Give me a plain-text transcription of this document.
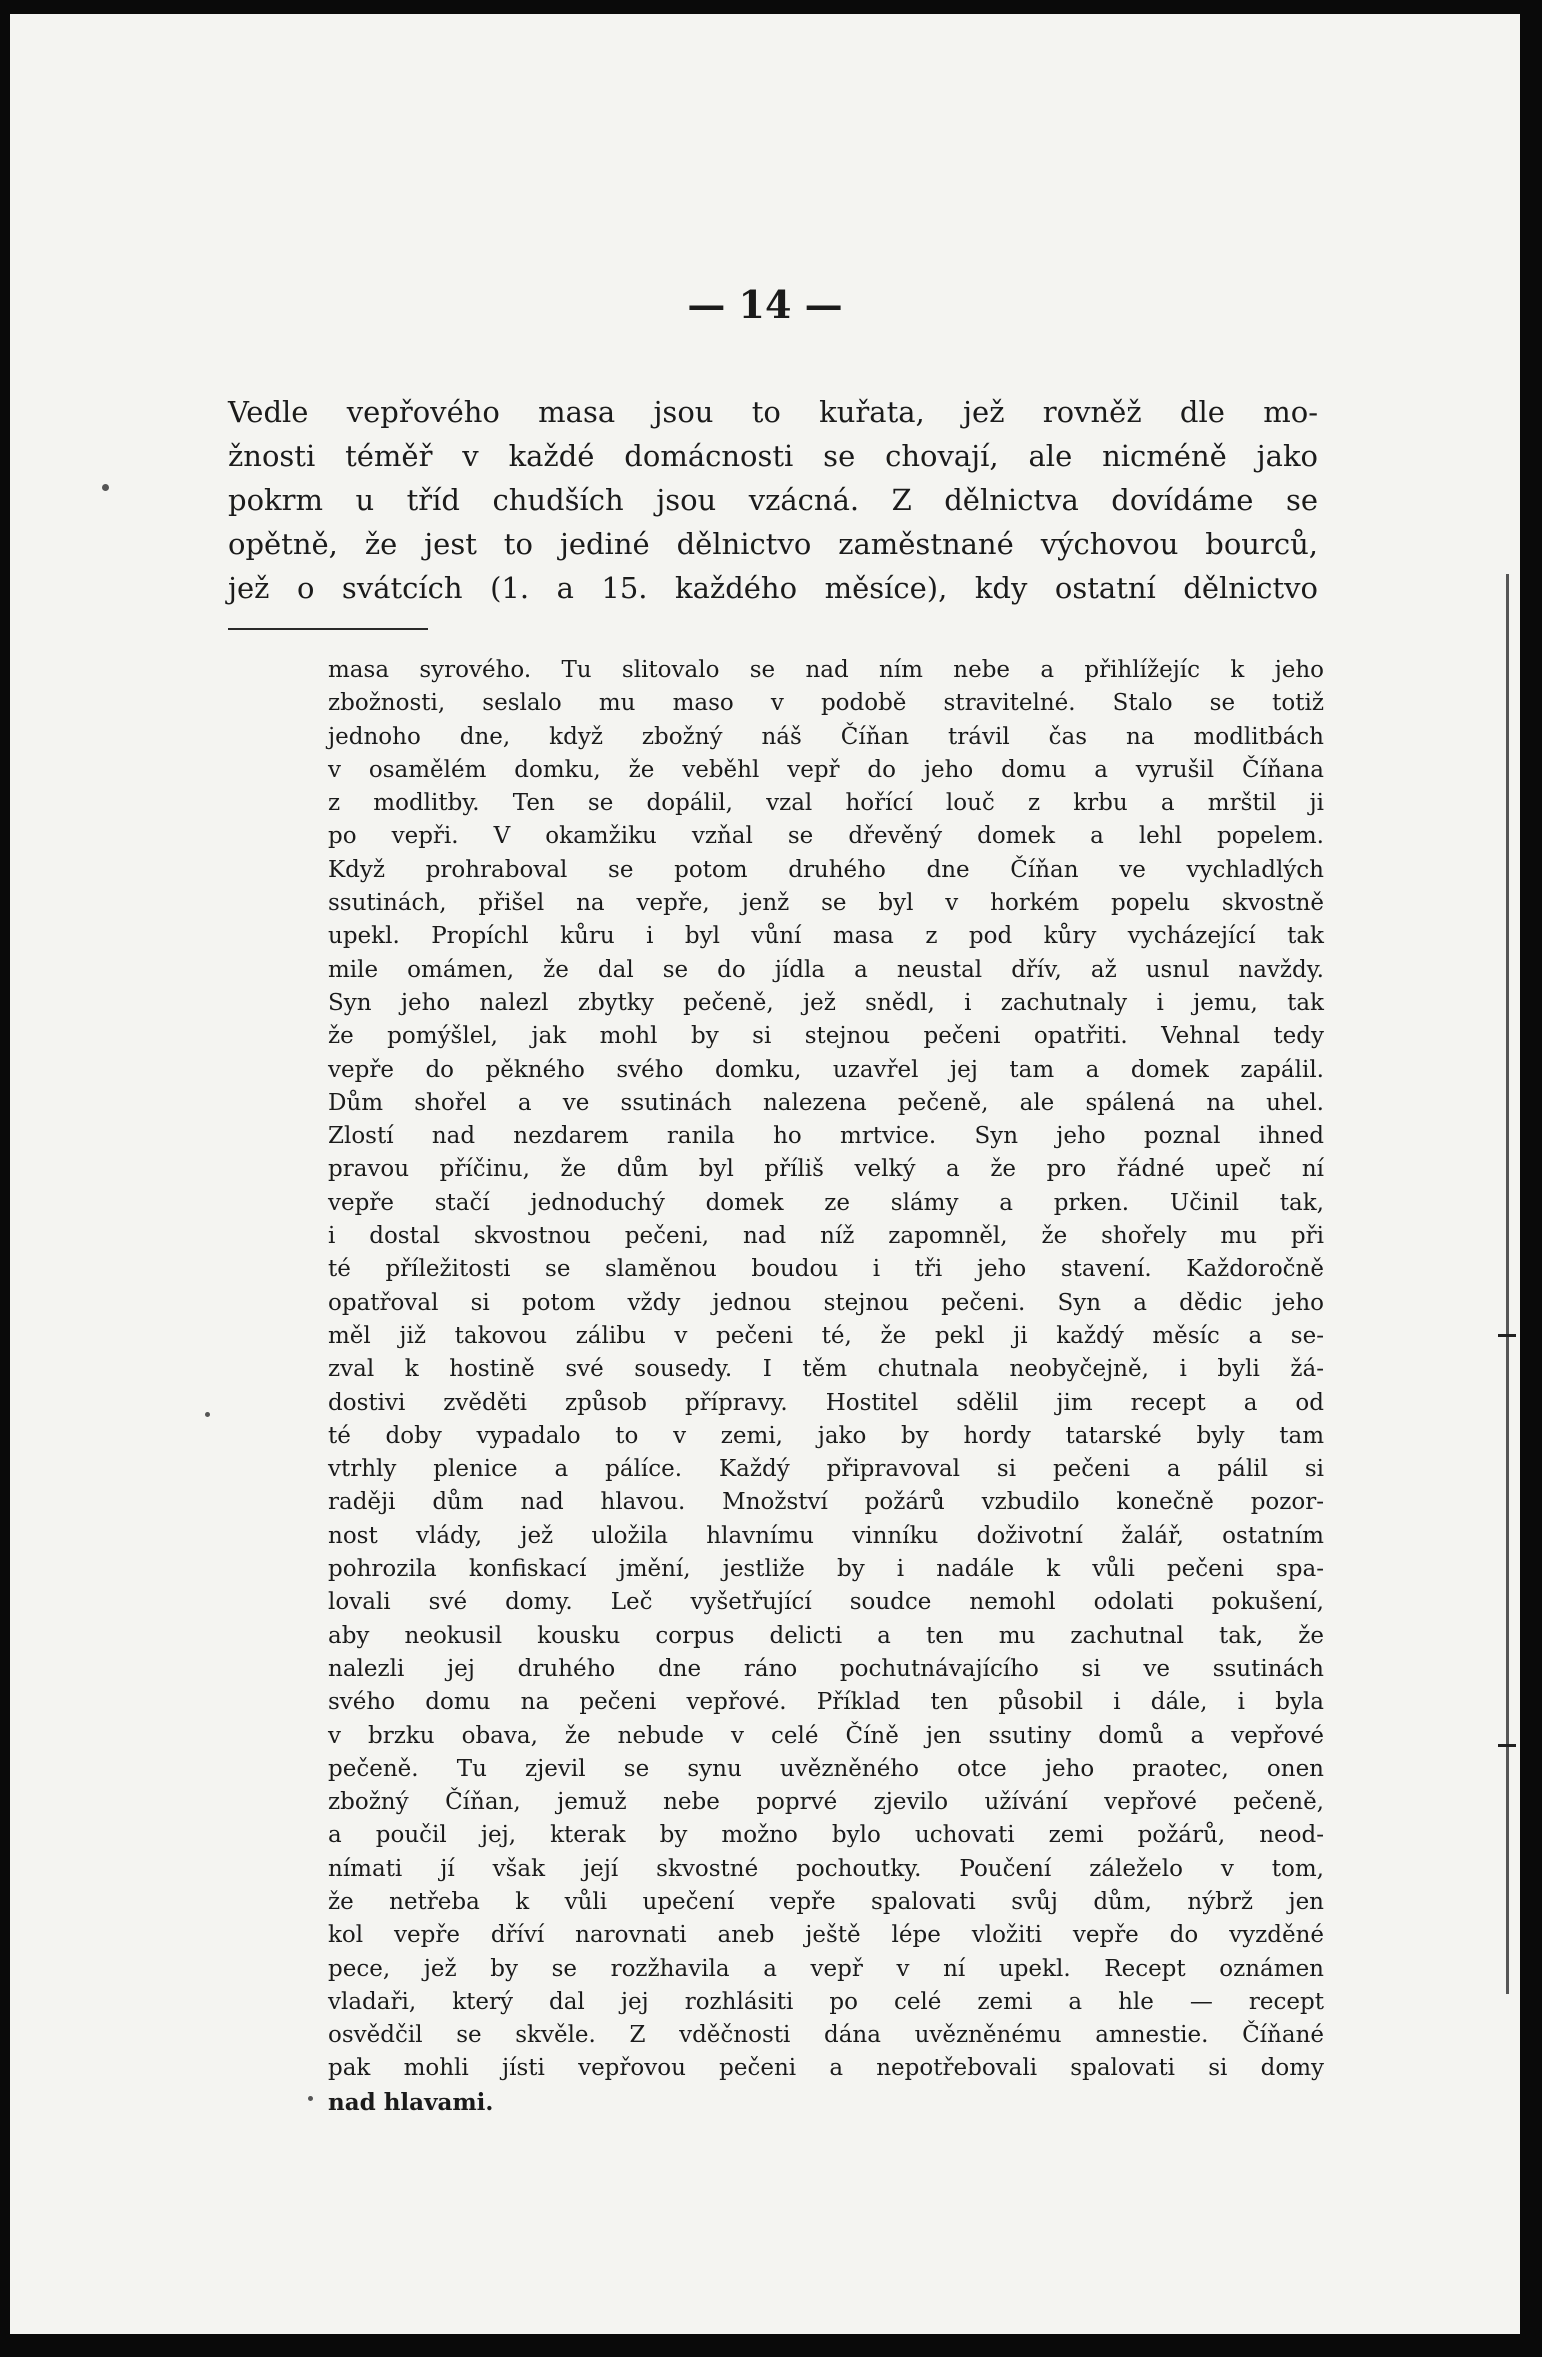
— 14 —

Vedle vepřového masa jsou to kuřata, jež rovněž dle mo-
žnosti téměř v každé domácnosti se chovají, ale nicméně jako
pokrm u tříd chudších jsou vzácná. Z dělnictva dovídáme se
opětně, že jest to jediné dělnictvo zaměstnané výchovou bourců,
jež o svátcích (1. a 15. každého měsíce), kdy ostatní dělnictvo
masa syrového. Tu slitovalo se nad ním nebe a přihlížejíc k jeho
zbožnosti, seslalo mu maso v podobě stravitelné. Stalo se totiž
jednoho dne, když zbožný náš Číňan trávil čas na modlitbách
v osamělém domku, že veběhl vepř do jeho domu a vyrušil Číňana
z modlitby. Ten se dopálil, vzal hořící louč z krbu a mrštil ji
po vepři. V okamžiku vzňal se dřevěný domek a lehl popelem.
Když prohraboval se potom druhého dne Číňan ve vychladlých
ssutinách, přišel na vepře, jenž se byl v horkém popelu skvostně
upekl. Propíchl kůru i byl vůní masa z pod kůry vycházející tak
mile omámen, že dal se do jídla a neustal dřív, až usnul navždy.
Syn jeho nalezl zbytky pečeně, jež snědl, i zachutnaly i jemu, tak
že pomýšlel, jak mohl by si stejnou pečeni opatřiti. Vehnal tedy
vepře do pěkného svého domku, uzavřel jej tam a domek zapálil.
Dům shořel a ve ssutinách nalezena pečeně, ale spálená na uhel.
Zlostí nad nezdarem ranila ho mrtvice. Syn jeho poznal ihned
pravou příčinu, že dům byl příliš velký a že pro řádné upeč ní
vepře stačí jednoduchý domek ze slámy a prken. Učinil tak,
i dostal skvostnou pečeni, nad níž zapomněl, že shořely mu při
té příležitosti se slaměnou boudou i tři jeho stavení. Každoročně
opatřoval si potom vždy jednou stejnou pečeni. Syn a dědic jeho
měl již takovou zálibu v pečeni té, že pekl ji každý měsíc a se-
zval k hostině své sousedy. I těm chutnala neobyčejně, i byli žá-
dostivi zvěděti způsob přípravy. Hostitel sdělil jim recept a od
té doby vypadalo to v zemi, jako by hordy tatarské byly tam
vtrhly plenice a pálíce. Každý připravoval si pečeni a pálil si
raději dům nad hlavou. Množství požárů vzbudilo konečně pozor-
nost vlády, jež uložila hlavnímu vinníku doživotní žalář, ostatním
pohrozila konfiskací jmění, jestliže by i nadále k vůli pečeni spa-
lovali své domy. Leč vyšetřující soudce nemohl odolati pokušení,
aby neokusil kousku corpus delicti a ten mu zachutnal tak, že
nalezli jej druhého dne ráno pochutnávajícího si ve ssutinách
svého domu na pečeni vepřové. Příklad ten působil i dále, i byla
v brzku obava, že nebude v celé Číně jen ssutiny domů a vepřové
pečeně. Tu zjevil se synu uvězněného otce jeho praotec, onen
zbožný Číňan, jemuž nebe poprvé zjevilo užívání vepřové pečeně,
a poučil jej, kterak by možno bylo uchovati zemi požárů, neod-
nímati jí však její skvostné pochoutky. Poučení záleželo v tom,
že netřeba k vůli upečení vepře spalovati svůj dům, nýbrž jen
kol vepře dříví narovnati aneb ještě lépe vložiti vepře do vyzděné
pece, jež by se rozžhavila a vepř v ní upekl. Recept oznámen
vladaři, který dal jej rozhlásiti po celé zemi a hle — recept
osvědčil se skvěle. Z vděčnosti dána uvězněnému amnestie. Číňané
pak mohli jísti vepřovou pečeni a nepotřebovali spalovati si domy
nad hlavami.
